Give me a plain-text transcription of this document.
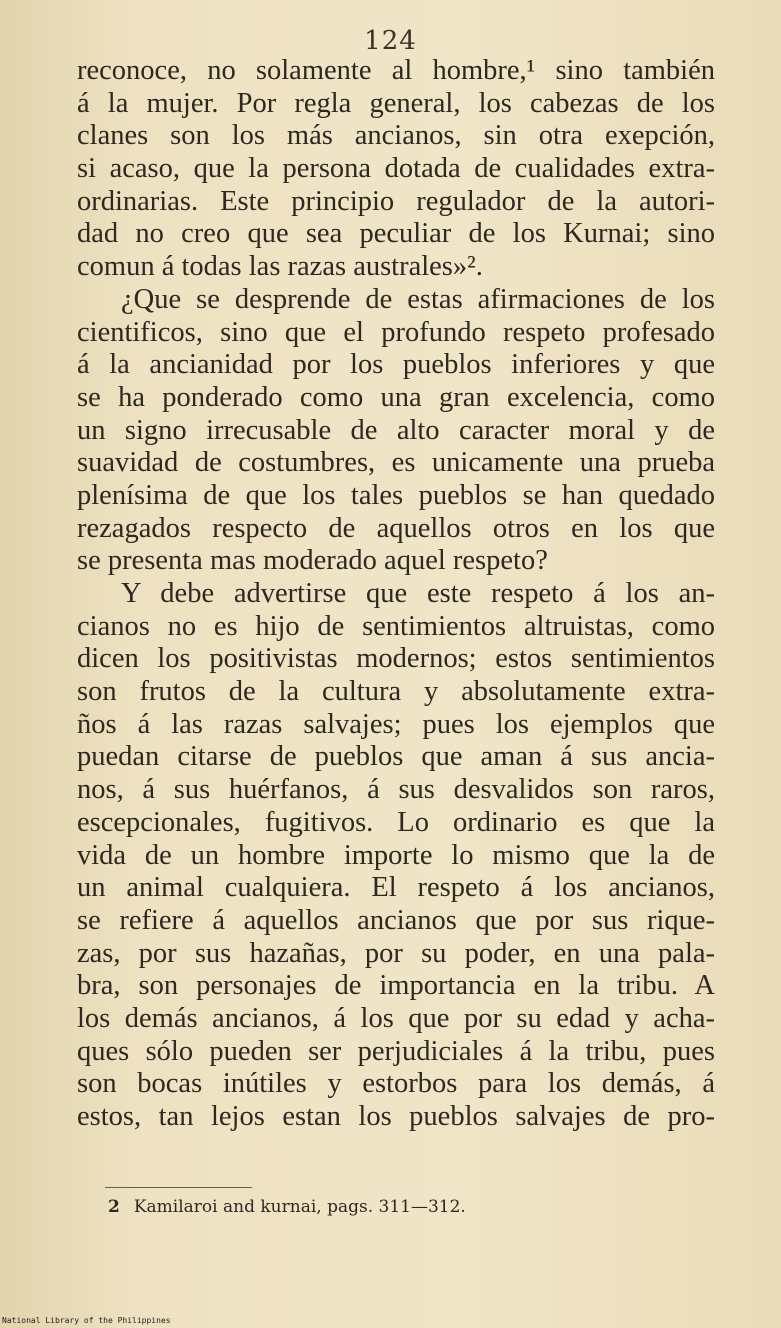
124
reconoce, no solamente al hombre,¹ sino también
á la mujer. Por regla general, los cabezas de los
clanes son los más ancianos, sin otra exepción,
si acaso, que la persona dotada de cualidades extra-
ordinarias. Este principio regulador de la autori-
dad no creo que sea peculiar de los Kurnai; sino
comun á todas las razas australes»².
¿Que se desprende de estas afirmaciones de los
cientificos, sino que el profundo respeto profesado
á la ancianidad por los pueblos inferiores y que
se ha ponderado como una gran excelencia, como
un signo irrecusable de alto caracter moral y de
suavidad de costumbres, es unicamente una prueba
plenísima de que los tales pueblos se han quedado
rezagados respecto de aquellos otros en los que
se presenta mas moderado aquel respeto?
Y debe advertirse que este respeto á los an-
cianos no es hijo de sentimientos altruistas, como
dicen los positivistas modernos; estos sentimientos
son frutos de la cultura y absolutamente extra-
ños á las razas salvajes; pues los ejemplos que
puedan citarse de pueblos que aman á sus ancia-
nos, á sus huérfanos, á sus desvalidos son raros,
escepcionales, fugitivos. Lo ordinario es que la
vida de un hombre importe lo mismo que la de
un animal cualquiera. El respeto á los ancianos,
se refiere á aquellos ancianos que por sus rique-
zas, por sus hazañas, por su poder, en una pala-
bra, son personajes de importancia en la tribu. A
los demás ancianos, á los que por su edad y acha-
ques sólo pueden ser perjudiciales á la tribu, pues
son bocas inútiles y estorbos para los demás, á
estos, tan lejos estan los pueblos salvajes de pro-
2 Kamilaroi and kurnai, pags. 311—312.
National Library of the Philippines
